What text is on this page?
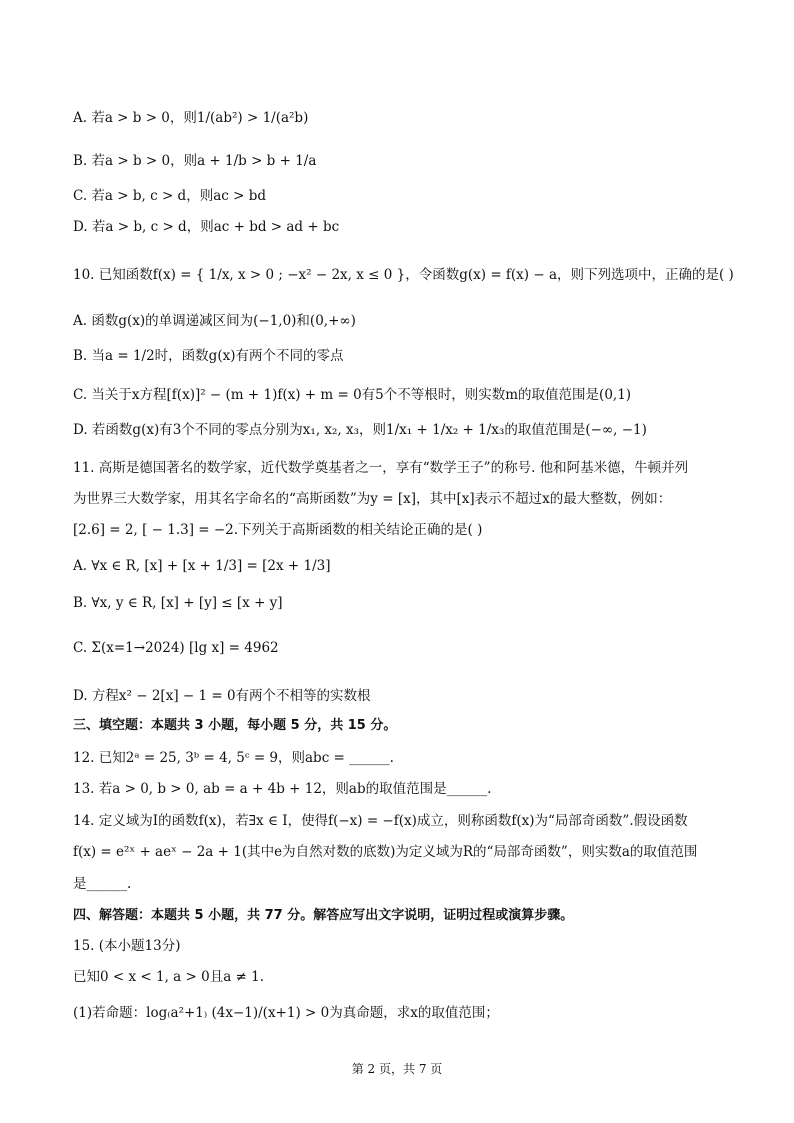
A. 若a > b > 0，则1/(ab²) > 1/(a²b)
B. 若a > b > 0，则a + 1/b > b + 1/a
C. 若a > b, c > d，则ac > bd
D. 若a > b, c > d，则ac + bd > ad + bc
10. 已知函数f(x) = { 1/x, x > 0 ; −x² − 2x, x ≤ 0 }，令函数g(x) = f(x) − a，则下列选项中，正确的是( )
A. 函数g(x)的单调递减区间为(−1,0)和(0,+∞)
B. 当a = 1/2时，函数g(x)有两个不同的零点
C. 当关于x方程[f(x)]² − (m + 1)f(x) + m = 0有5个不等根时，则实数m的取值范围是(0,1)
D. 若函数g(x)有3个不同的零点分别为x₁, x₂, x₃，则1/x₁ + 1/x₂ + 1/x₃的取值范围是(−∞, −1)
11. 高斯是德国著名的数学家，近代数学奠基者之一，享有“数学王子”的称号. 他和阿基米德，牛顿并列
为世界三大数学家，用其名字命名的“高斯函数”为y = [x]，其中[x]表示不超过x的最大整数，例如：
[2.6] = 2, [ − 1.3] = −2.下列关于高斯函数的相关结论正确的是( )
A. ∀x ∈ R, [x] + [x + 1/3] = [2x + 1/3]
B. ∀x, y ∈ R, [x] + [y] ≤ [x + y]
C. Σ(x=1→2024) [lg x] = 4962
D. 方程x² − 2[x] − 1 = 0有两个不相等的实数根
三、填空题：本题共 3 小题，每小题 5 分，共 15 分。
12. 已知2ᵃ = 25, 3ᵇ = 4, 5ᶜ = 9，则abc = ______.
13. 若a > 0, b > 0, ab = a + 4b + 12，则ab的取值范围是______.
14. 定义域为I的函数f(x)，若∃x ∈ I，使得f(−x) = −f(x)成立，则称函数f(x)为“局部奇函数”.假设函数
f(x) = e²ˣ + aeˣ − 2a + 1(其中e为自然对数的底数)为定义域为R的“局部奇函数”，则实数a的取值范围
是______.
四、解答题：本题共 5 小题，共 77 分。解答应写出文字说明，证明过程或演算步骤。
15. (本小题13分)
已知0 < x < 1, a > 0且a ≠ 1.
(1)若命题：log₍a²+1₎ (4x−1)/(x+1) > 0为真命题，求x的取值范围；
第 2 页，共 7 页
